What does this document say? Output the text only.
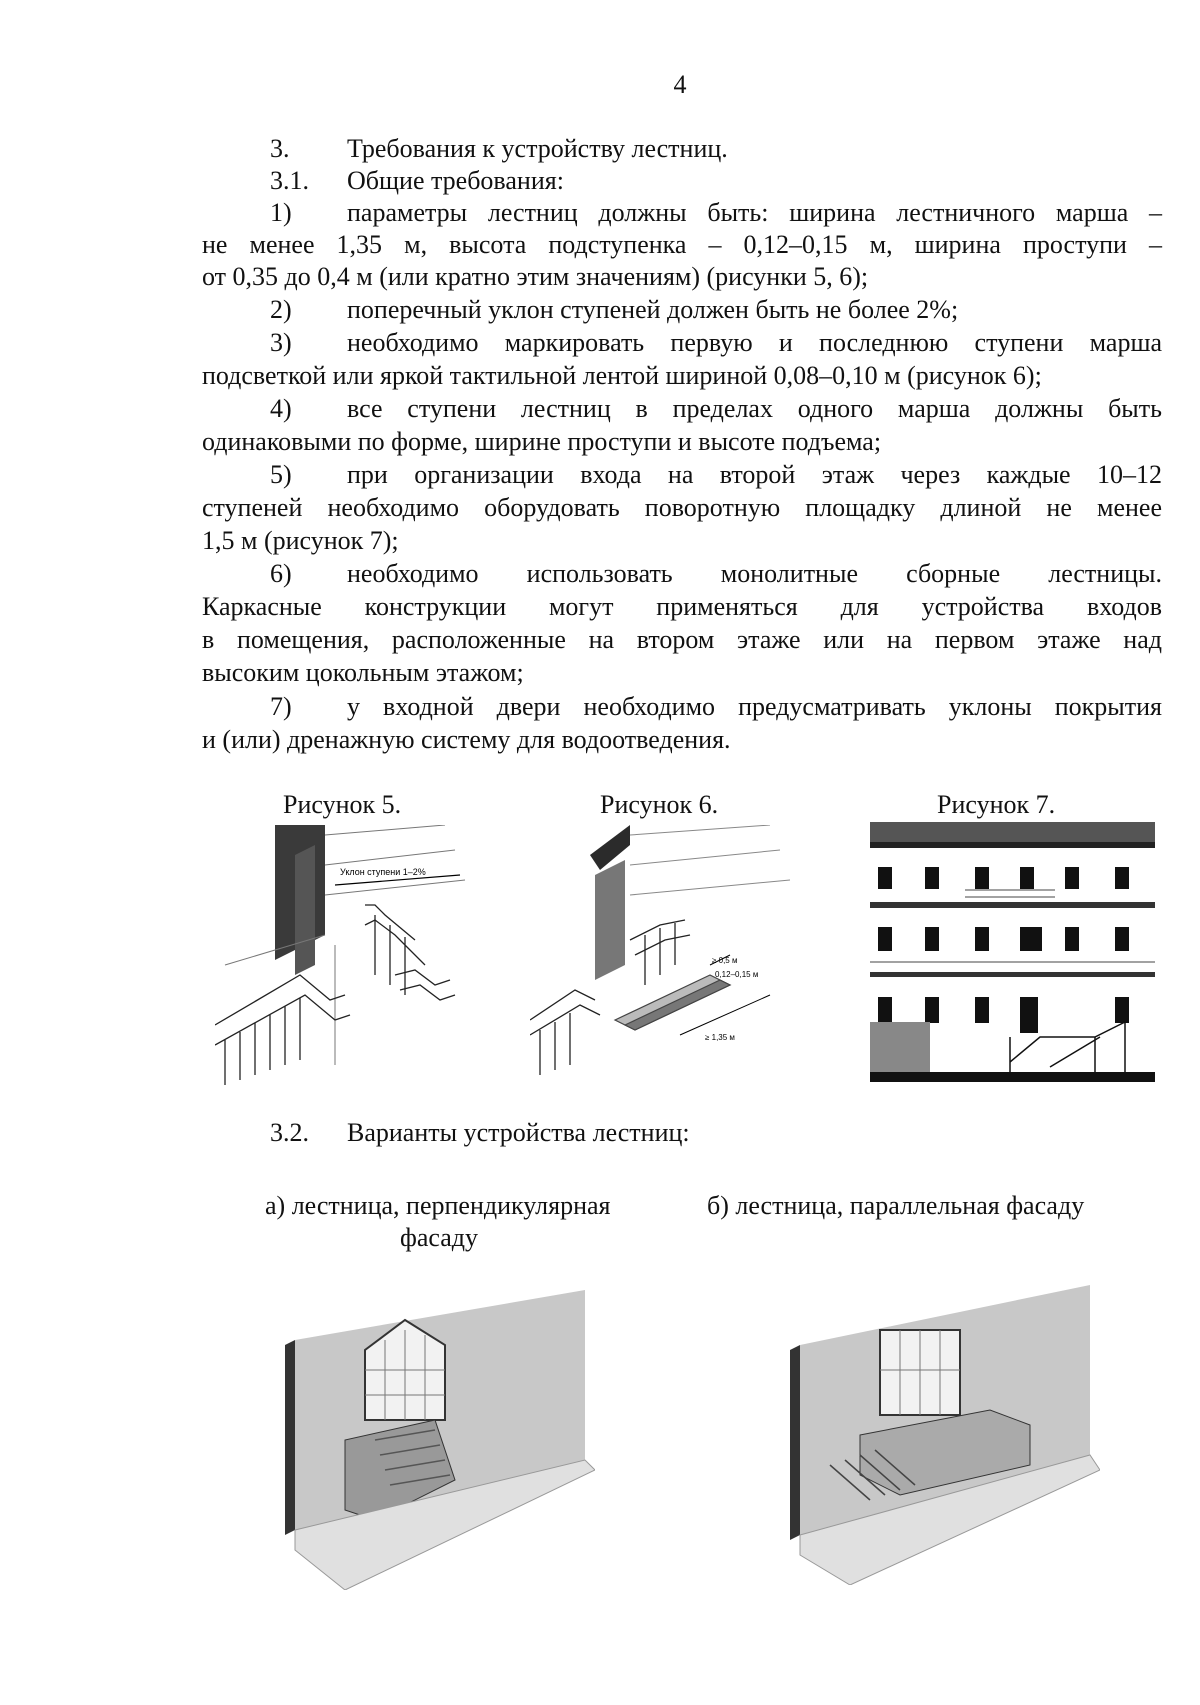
4
3. Требования к устройству лестниц.
3.1. Общие требования:
1) параметры лестниц должны быть: ширина лестничного марша –
не менее 1,35 м, высота подступенка – 0,12–0,15 м, ширина проступи –
от 0,35 до 0,4 м (или кратно этим значениям) (рисунки 5, 6);
2) поперечный уклон ступеней должен быть не более 2%;
3) необходимо маркировать первую и последнюю ступени марша
подсветкой или яркой тактильной лентой шириной 0,08–0,10 м (рисунок 6);
4) все ступени лестниц в пределах одного марша должны быть
одинаковыми по форме, ширине проступи и высоте подъема;
5) при организации входа на второй этаж через каждые 10–12
ступеней необходимо оборудовать поворотную площадку длиной не менее
1,5 м (рисунок 7);
6) необходимо использовать монолитные сборные лестницы.
Каркасные конструкции могут применяться для устройства входов
в помещения, расположенные на втором этаже или на первом этаже над
высоким цокольным этажом;
7) у входной двери необходимо предусматривать уклоны покрытия
и (или) дренажную систему для водоотведения.
Рисунок 5.	Рисунок 6.	Рисунок 7.
Уклон ступени 1–2%
≥ 0,5 м
0,12–0,15 м
≥ 1,35 м
3.2. Варианты устройства лестниц:
а) лестница, перпендикулярная
фасаду
б) лестница, параллельная фасаду
